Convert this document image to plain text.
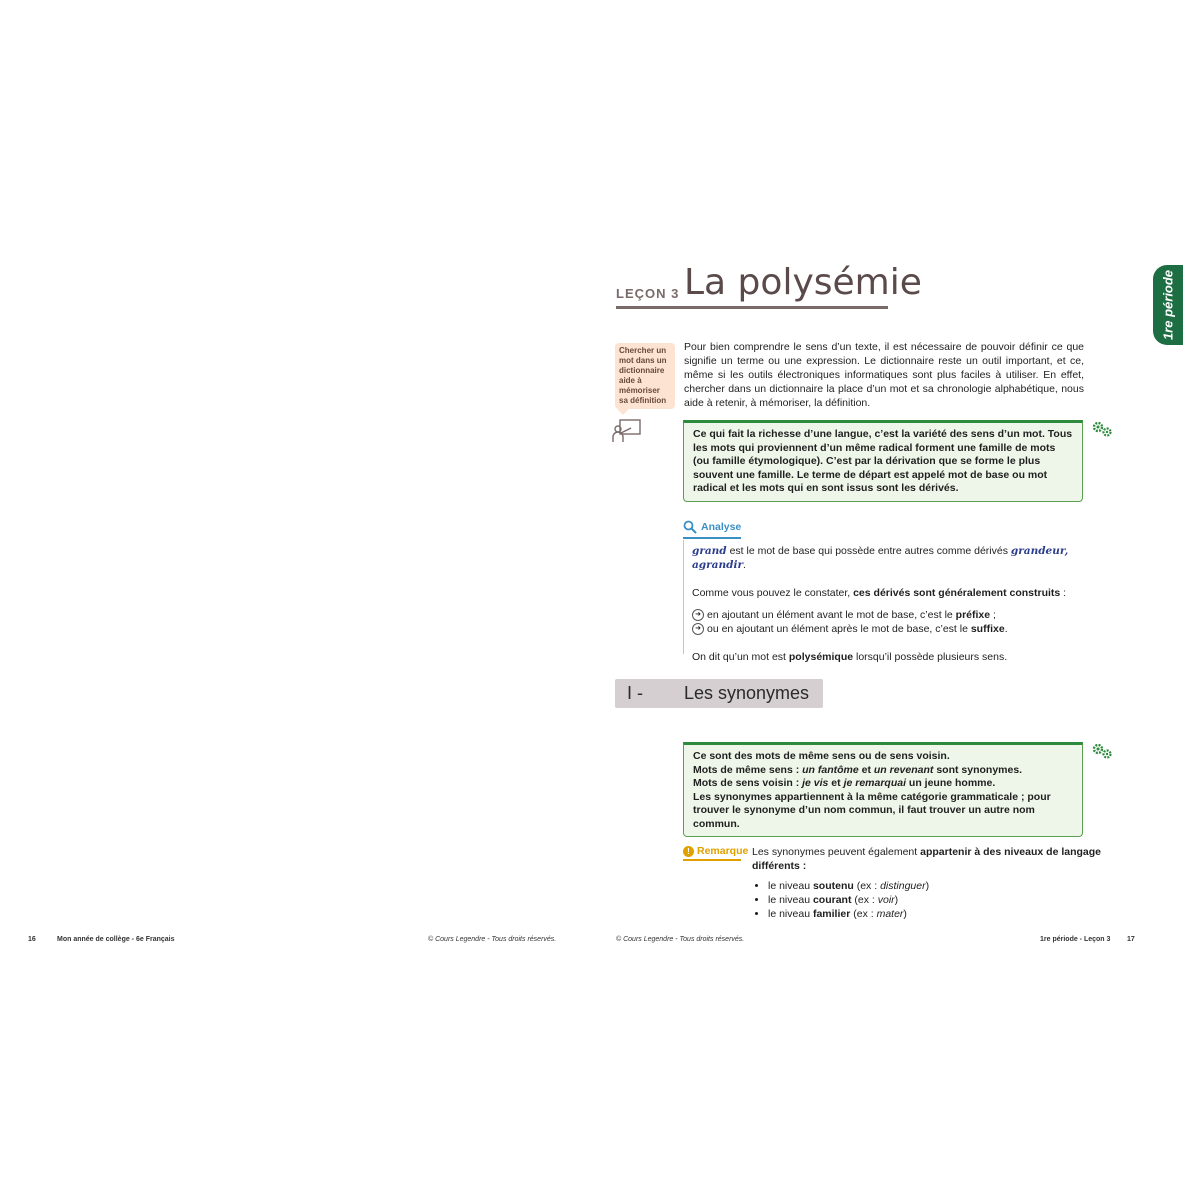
LEÇON 3 La polysémie	1re période
Chercher un mot dans un dictionnaire aide à mémoriser sa définition
Pour bien comprendre le sens d’un texte, il est nécessaire de pouvoir définir ce que signifie un terme ou une expression. Le dictionnaire reste un outil important, et ce, même si les outils électroniques informatiques sont plus faciles à utiliser. En effet, chercher dans un dictionnaire la place d’un mot et sa chronologie alphabétique, nous aide à retenir, à mémoriser, la définition.
Ce qui fait la richesse d’une langue, c’est la variété des sens d’un mot. Tous les mots qui proviennent d’un même radical forment une famille de mots (ou famille étymologique). C’est par la dérivation que se forme le plus souvent une famille. Le terme de départ est appelé mot de base ou mot radical et les mots qui en sont issus sont les dérivés.
Analyse
grand est le mot de base qui possède entre autres comme dérivés grandeur, agrandir.
Comme vous pouvez le constater, ces dérivés sont généralement construits :
➜ en ajoutant un élément avant le mot de base, c’est le préfixe ;
➜ ou en ajoutant un élément après le mot de base, c’est le suffixe.
On dit qu’un mot est polysémique lorsqu’il possède plusieurs sens.
I - Les synonymes
Ce sont des mots de même sens ou de sens voisin.
Mots de même sens : un fantôme et un revenant sont synonymes.
Mots de sens voisin : je vis et je remarquai un jeune homme.
Les synonymes appartiennent à la même catégorie grammaticale ; pour trouver le synonyme d’un nom commun, il faut trouver un autre nom commun.
! Remarque Les synonymes peuvent également appartenir à des niveaux de langage différents :
• le niveau soutenu (ex : distinguer)
• le niveau courant (ex : voir)
• le niveau familier (ex : mater)
16	Mon année de collège - 6e Français	© Cours Legendre - Tous droits réservés.	© Cours Legendre - Tous droits réservés.	1re période - Leçon 3 17
